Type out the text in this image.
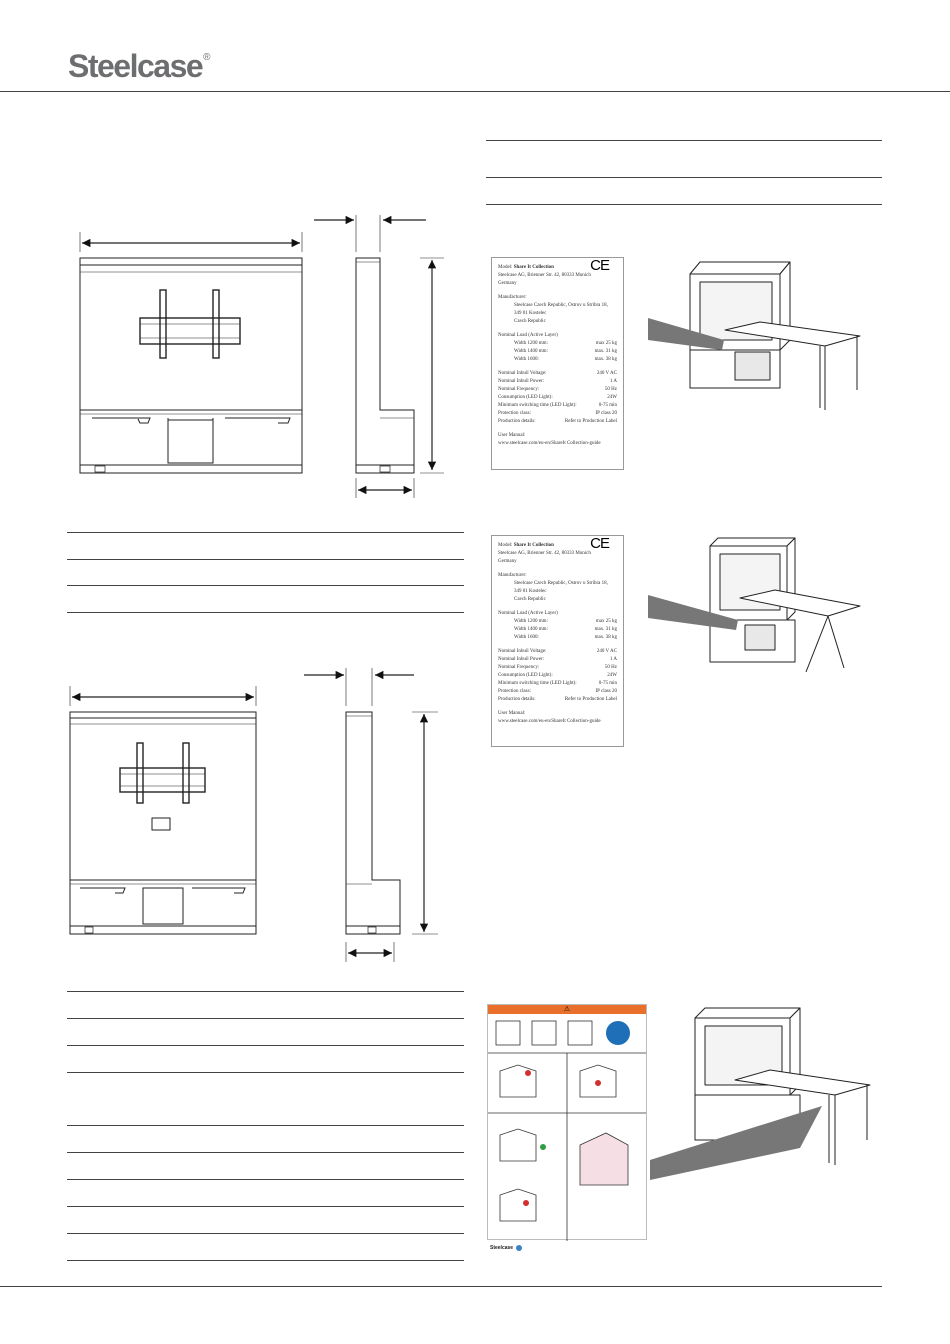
Steelcase®
CE
Model: Share It Collection
Steelcase AG, Brienner Str. 42, 80333 Munich
Germany
Manufacturer:
Steelcase Czech Republic, Ostrov u Stríbra 18,
349 01 Kostelec
Czech Republic
Nominal Load (Active Layer)
Width 1200 mm:	max 25 kg
Width 1400 mm:	max. 31 kg
Width 1600:	max. 38 kg
Nominal Inbuil Voltage:	240 V AC
Nominal Inbuil Power:	1 A
Nominal Frequency:	50 Hz
Consumption (LED Light):	24W
Minimum switching time (LED Light):	0-75 min
Protection class:	IP class 20
Production details:	Refer to Production Label
User Manual:
www.steelcase.com/eu-en/ShareIt Collection-guide
CE
Model: Share It Collection
Steelcase AG, Brienner Str. 42, 80333 Munich
Germany
Manufacturer:
Steelcase Czech Republic, Ostrov u Stríbra 18,
349 01 Kostelec
Czech Republic
Nominal Load (Active Layer)
Width 1200 mm:	max 25 kg
Width 1400 mm:	max. 31 kg
Width 1600:	max. 38 kg
Nominal Inbuil Voltage:	240 V AC
Nominal Inbuil Power:	1 A
Nominal Frequency:	50 Hz
Consumption (LED Light):	24W
Minimum switching time (LED Light):	0-75 min
Protection class:	IP class 20
Production details:	Refer to Production Label
User Manual:
www.steelcase.com/eu-en/ShareIt Collection-guide
⚠
Steelcase
